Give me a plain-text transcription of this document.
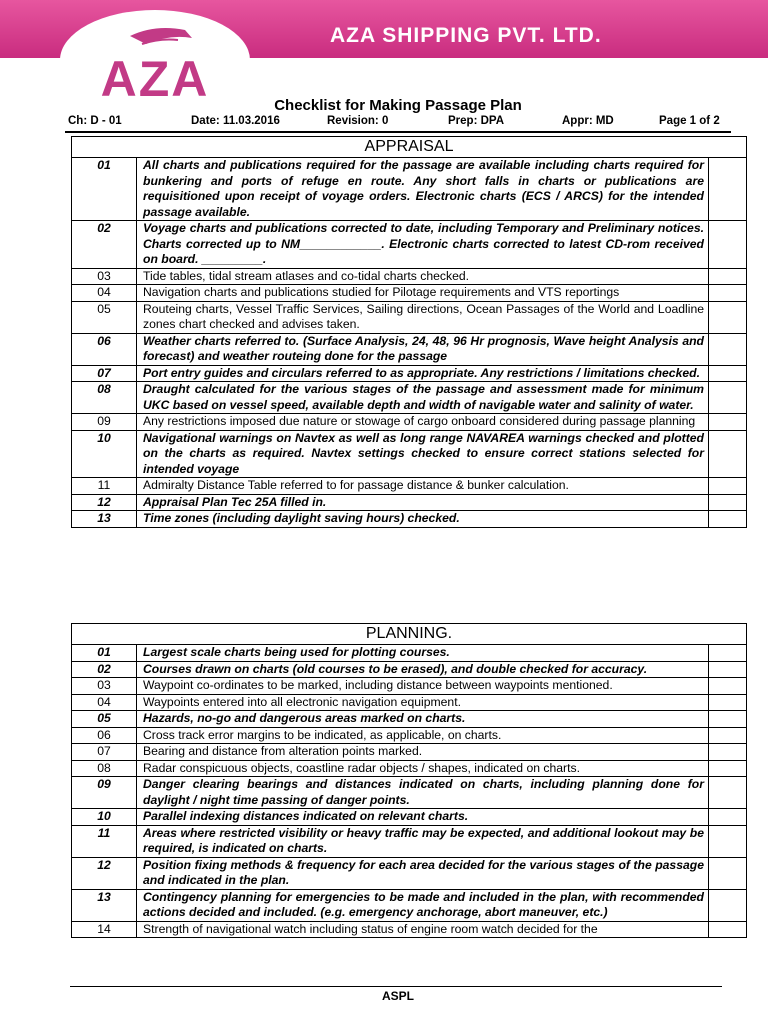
AZA
AZA SHIPPING PVT. LTD.
Checklist for Making Passage Plan
Ch: D - 01	Date: 11.03.2016	Revision: 0	Prep: DPA	Appr: MD	Page 1 of 2
APPRAISAL		
01	All charts and publications required for the passage are available including charts required for bunkering and ports of refuge en route. Any short falls in charts or publications are requisitioned upon receipt of voyage orders. Electronic charts (ECS / ARCS) for the intended passage available.	
02	Voyage charts and publications corrected to date, including Temporary and Preliminary notices. Charts corrected up to NM____________. Electronic charts corrected to latest CD-rom received on board. _________.	
03	Tide tables, tidal stream atlases and co-tidal charts checked.	
04	Navigation charts and publications studied for Pilotage requirements and VTS reportings	
05	Routeing charts, Vessel Traffic Services, Sailing directions, Ocean Passages of the World and Loadline zones chart checked and advises taken.	
06	Weather charts referred to. (Surface Analysis, 24, 48, 96 Hr prognosis, Wave height Analysis and forecast) and weather routeing done for the passage	
07	Port entry guides and circulars referred to as appropriate. Any restrictions / limitations checked.	
08	Draught calculated for the various stages of the passage and assessment made for minimum UKC based on vessel speed, available depth and width of navigable water and salinity of water.	
09	Any restrictions imposed due nature or stowage of cargo onboard considered during passage planning	
10	Navigational warnings on Navtex as well as long range NAVAREA warnings checked and plotted on the charts as required. Navtex settings checked to ensure correct stations selected for intended voyage	
11	Admiralty Distance Table referred to for passage distance & bunker calculation.	
12	Appraisal Plan Tec 25A filled in.	
13	Time zones (including daylight saving hours) checked.	
PLANNING.		
01	Largest scale charts being used for plotting courses.	
02	Courses drawn on charts (old courses to be erased), and double checked for accuracy.	
03	Waypoint co-ordinates to be marked, including distance between waypoints mentioned.	
04	Waypoints entered into all electronic navigation equipment.	
05	Hazards, no-go and dangerous areas marked on charts.	
06	Cross track error margins to be indicated, as applicable, on charts.	
07	Bearing and distance from alteration points marked.	
08	Radar conspicuous objects, coastline radar objects / shapes, indicated on charts.	
09	Danger clearing bearings and distances indicated on charts, including planning done for daylight / night time passing of danger points.	
10	Parallel indexing distances indicated on relevant charts.	
11	Areas where restricted visibility or heavy traffic may be expected, and additional lookout may be required, is indicated on charts.	
12	Position fixing methods & frequency for each area decided for the various stages of the passage and indicated in the plan.	
13	Contingency planning for emergencies to be made and included in the plan, with recommended actions decided and included. (e.g. emergency anchorage, abort maneuver, etc.)	
14	Strength of navigational watch including status of engine room watch decided for the	
ASPL
